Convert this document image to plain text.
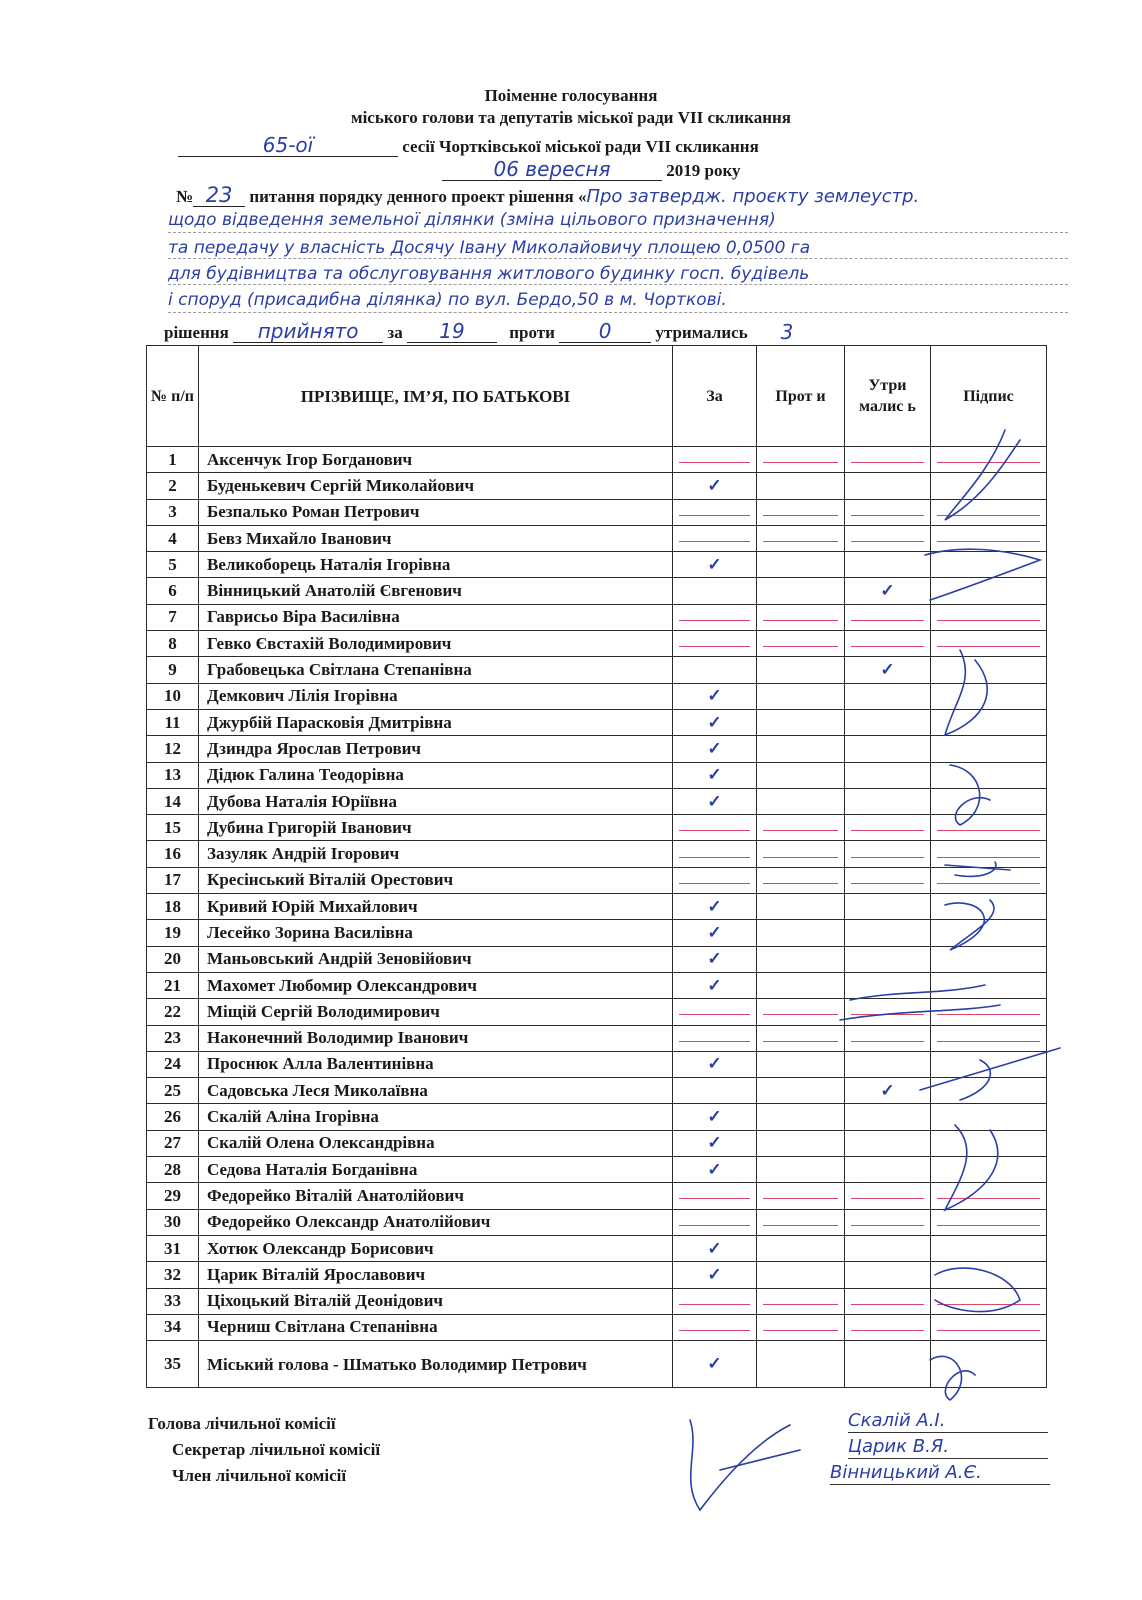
Поіменне голосування
міського голови та депутатів міської ради VII скликання
65-ої	сесії Чортківської міської ради VII скликання
06 вересня	2019 року
№ 23 питання порядку денного проект рішення «Про затвердж. проєкту землеустр.
щодо відведення земельної ділянки (зміна цільового призначення)
та передачу у власність Досячу Івану Миколайовичу площею 0,0500 га
для будівництва та обслуговування житлового будинку госп. будівель
і споруд (присадибна ділянка) по вул. Бердо,50 в м. Чорткові.
рішення прийнято за 19	проти 0	утримались 3
№ п/п	ПРІЗВИЩЕ, ІМ’Я, ПО БАТЬКОВІ	За	Прот и	Утри малис ь	Підпис
1	Аксенчук Ігор Богданович	

2	Буденькевич Сергій Миколайович	✓			
3	Безпалько Роман Петрович	

4	Бевз Михайло Іванович	

5	Великоборець Наталія Ігорівна	✓			
6	Вінницький Анатолій Євгенович			✓	
7	Гаврисьо Віра Василівна	

8	Гевко Євстахій Володимирович	

9	Грабовецька Світлана Степанівна			✓	
10	Демкович Лілія Ігорівна	✓			
11	Джурбій Парасковія Дмитрівна	✓			
12	Дзиндра Ярослав Петрович	✓			
13	Дідюк Галина Теодорівна	✓			
14	Дубова Наталія Юріївна	✓			
15	Дубина Григорій Іванович	

16	Зазуляк Андрій Ігорович	

17	Кресінський Віталій Орестович	

18	Кривий Юрій Михайлович	✓			
19	Лесейко Зорина Василівна	✓			
20	Маньовський Андрій Зеновійович	✓			
21	Махомет Любомир Олександрович	✓			
22	Міщій Сергій Володимирович	

23	Наконечний Володимир Іванович	

24	Проснюк Алла Валентинівна	✓			
25	Садовська Леся Миколаївна			✓	
26	Скалій Аліна Ігорівна	✓			
27	Скалій Олена Олександрівна	✓			
28	Седова Наталія Богданівна	✓			
29	Федорейко Віталій Анатолійович	

30	Федорейко Олександр Анатолійович	

31	Хотюк Олександр Борисович	✓			
32	Царик Віталій Ярославович	✓			
33	Ціхоцький Віталій Деонідович	

34	Черниш Світлана Степанівна	

35	Міський голова - Шматько Володимир Петрович	✓			
Голова лічильної комісії
Секретар лічильної комісії
Член лічильної комісії
Скалій А.І.
Царик В.Я.
Вінницький А.Є.
